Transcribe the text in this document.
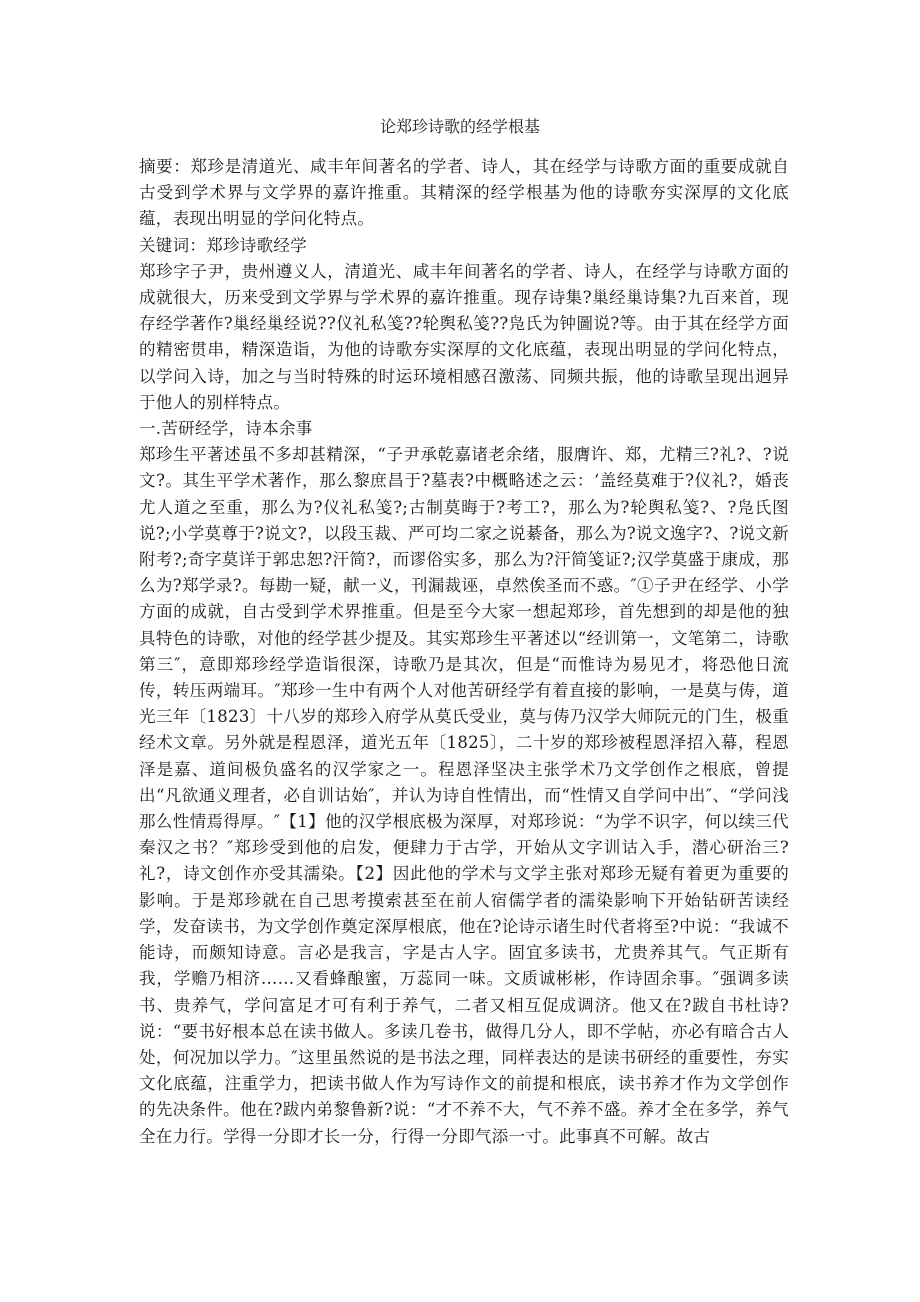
论郑珍诗歌的经学根基

摘要：郑珍是清道光、咸丰年间著名的学者、诗人，其在经学与诗歌方面的重要成就自古受到学术界与文学界的嘉许推重。其精深的经学根基为他的诗歌夯实深厚的文化底蕴，表现出明显的学问化特点。

关键词：郑珍诗歌经学

郑珍字子尹，贵州遵义人，清道光、咸丰年间著名的学者、诗人，在经学与诗歌方面的成就很大，历来受到文学界与学术界的嘉许推重。现存诗集?巢经巢诗集?九百来首，现存经学著作?巢经巢经说??仪礼私笺??轮舆私笺??凫氏为钟圖说?等。由于其在经学方面的精密贯串，精深造诣，为他的诗歌夯实深厚的文化底蕴，表现出明显的学问化特点，以学问入诗，加之与当时特殊的时运环境相感召激荡、同频共振，他的诗歌呈现出迥异于他人的别样特点。

一.苦研经学，诗本余事

郑珍生平著述虽不多却甚精深，“子尹承乾嘉诸老余绪，服膺许、郑，尤精三?礼?、?说文?。其生平学术著作，那么黎庶昌于?墓表?中概略述之云：‘盖经莫难于?仪礼?，婚丧尤人道之至重，那么为?仪礼私笺?;古制莫晦于?考工?，那么为?轮舆私笺?、?凫氏图说?;小学莫尊于?说文?，以段玉裁、严可均二家之说綦备，那么为?说文逸字?、?说文新附考?;奇字莫详于郭忠恕?汗简?，而谬俗实多，那么为?汗简笺证?;汉学莫盛于康成，那么为?郑学录?。每勘一疑，献一义，刊漏裁诬，卓然俟圣而不惑。″①子尹在经学、小学方面的成就，自古受到学术界推重。但是至今大家一想起郑珍，首先想到的却是他的独具特色的诗歌，对他的经学甚少提及。其实郑珍生平著述以“经训第一，文笔第二，诗歌第三″，意即郑珍经学造诣很深，诗歌乃是其次，但是“而惟诗为易见才，将恐他日流传，转压两端耳。″郑珍一生中有两个人对他苦研经学有着直接的影响，一是莫与俦，道光三年〔1823〕十八岁的郑珍入府学从莫氏受业，莫与俦乃汉学大师阮元的门生，极重经术文章。另外就是程恩泽，道光五年〔1825〕，二十岁的郑珍被程恩泽招入幕，程恩泽是嘉、道间极负盛名的汉学家之一。程恩泽坚决主张学术乃文学创作之根底，曾提出“凡欲通义理者，必自训诂始″，并认为诗自性情出，而“性情又自学问中出″、“学问浅那么性情焉得厚。″【1】他的汉学根底极为深厚，对郑珍说：“为学不识字，何以续三代秦汉之书？″郑珍受到他的启发，便肆力于古学，开始从文字训诂入手，潜心研治三?礼?，诗文创作亦受其濡染。【2】因此他的学术与文学主张对郑珍无疑有着更为重要的影响。于是郑珍就在自己思考摸索甚至在前人宿儒学者的濡染影响下开始钻研苦读经学，发奋读书，为文学创作奠定深厚根底，他在?论诗示诸生时代者将至?中说：“我诚不能诗，而颇知诗意。言必是我言，字是古人字。固宜多读书，尤贵养其气。气正斯有我，学赡乃相济……又看蜂酿蜜，万蕊同一味。文质诚彬彬，作诗固余事。″强调多读书、贵养气，学问富足才可有利于养气，二者又相互促成调济。他又在?跋自书杜诗?说：“要书好根本总在读书做人。多读几卷书，做得几分人，即不学帖，亦必有暗合古人处，何况加以学力。″这里虽然说的是书法之理，同样表达的是读书研经的重要性，夯实文化底蕴，注重学力，把读书做人作为写诗作文的前提和根底，读书养才作为文学创作的先决条件。他在?跋内弟黎鲁新?说：“才不养不大，气不养不盛。养才全在多学，养气全在力行。学得一分即才长一分，行得一分即气添一寸。此事真不可解。故古
